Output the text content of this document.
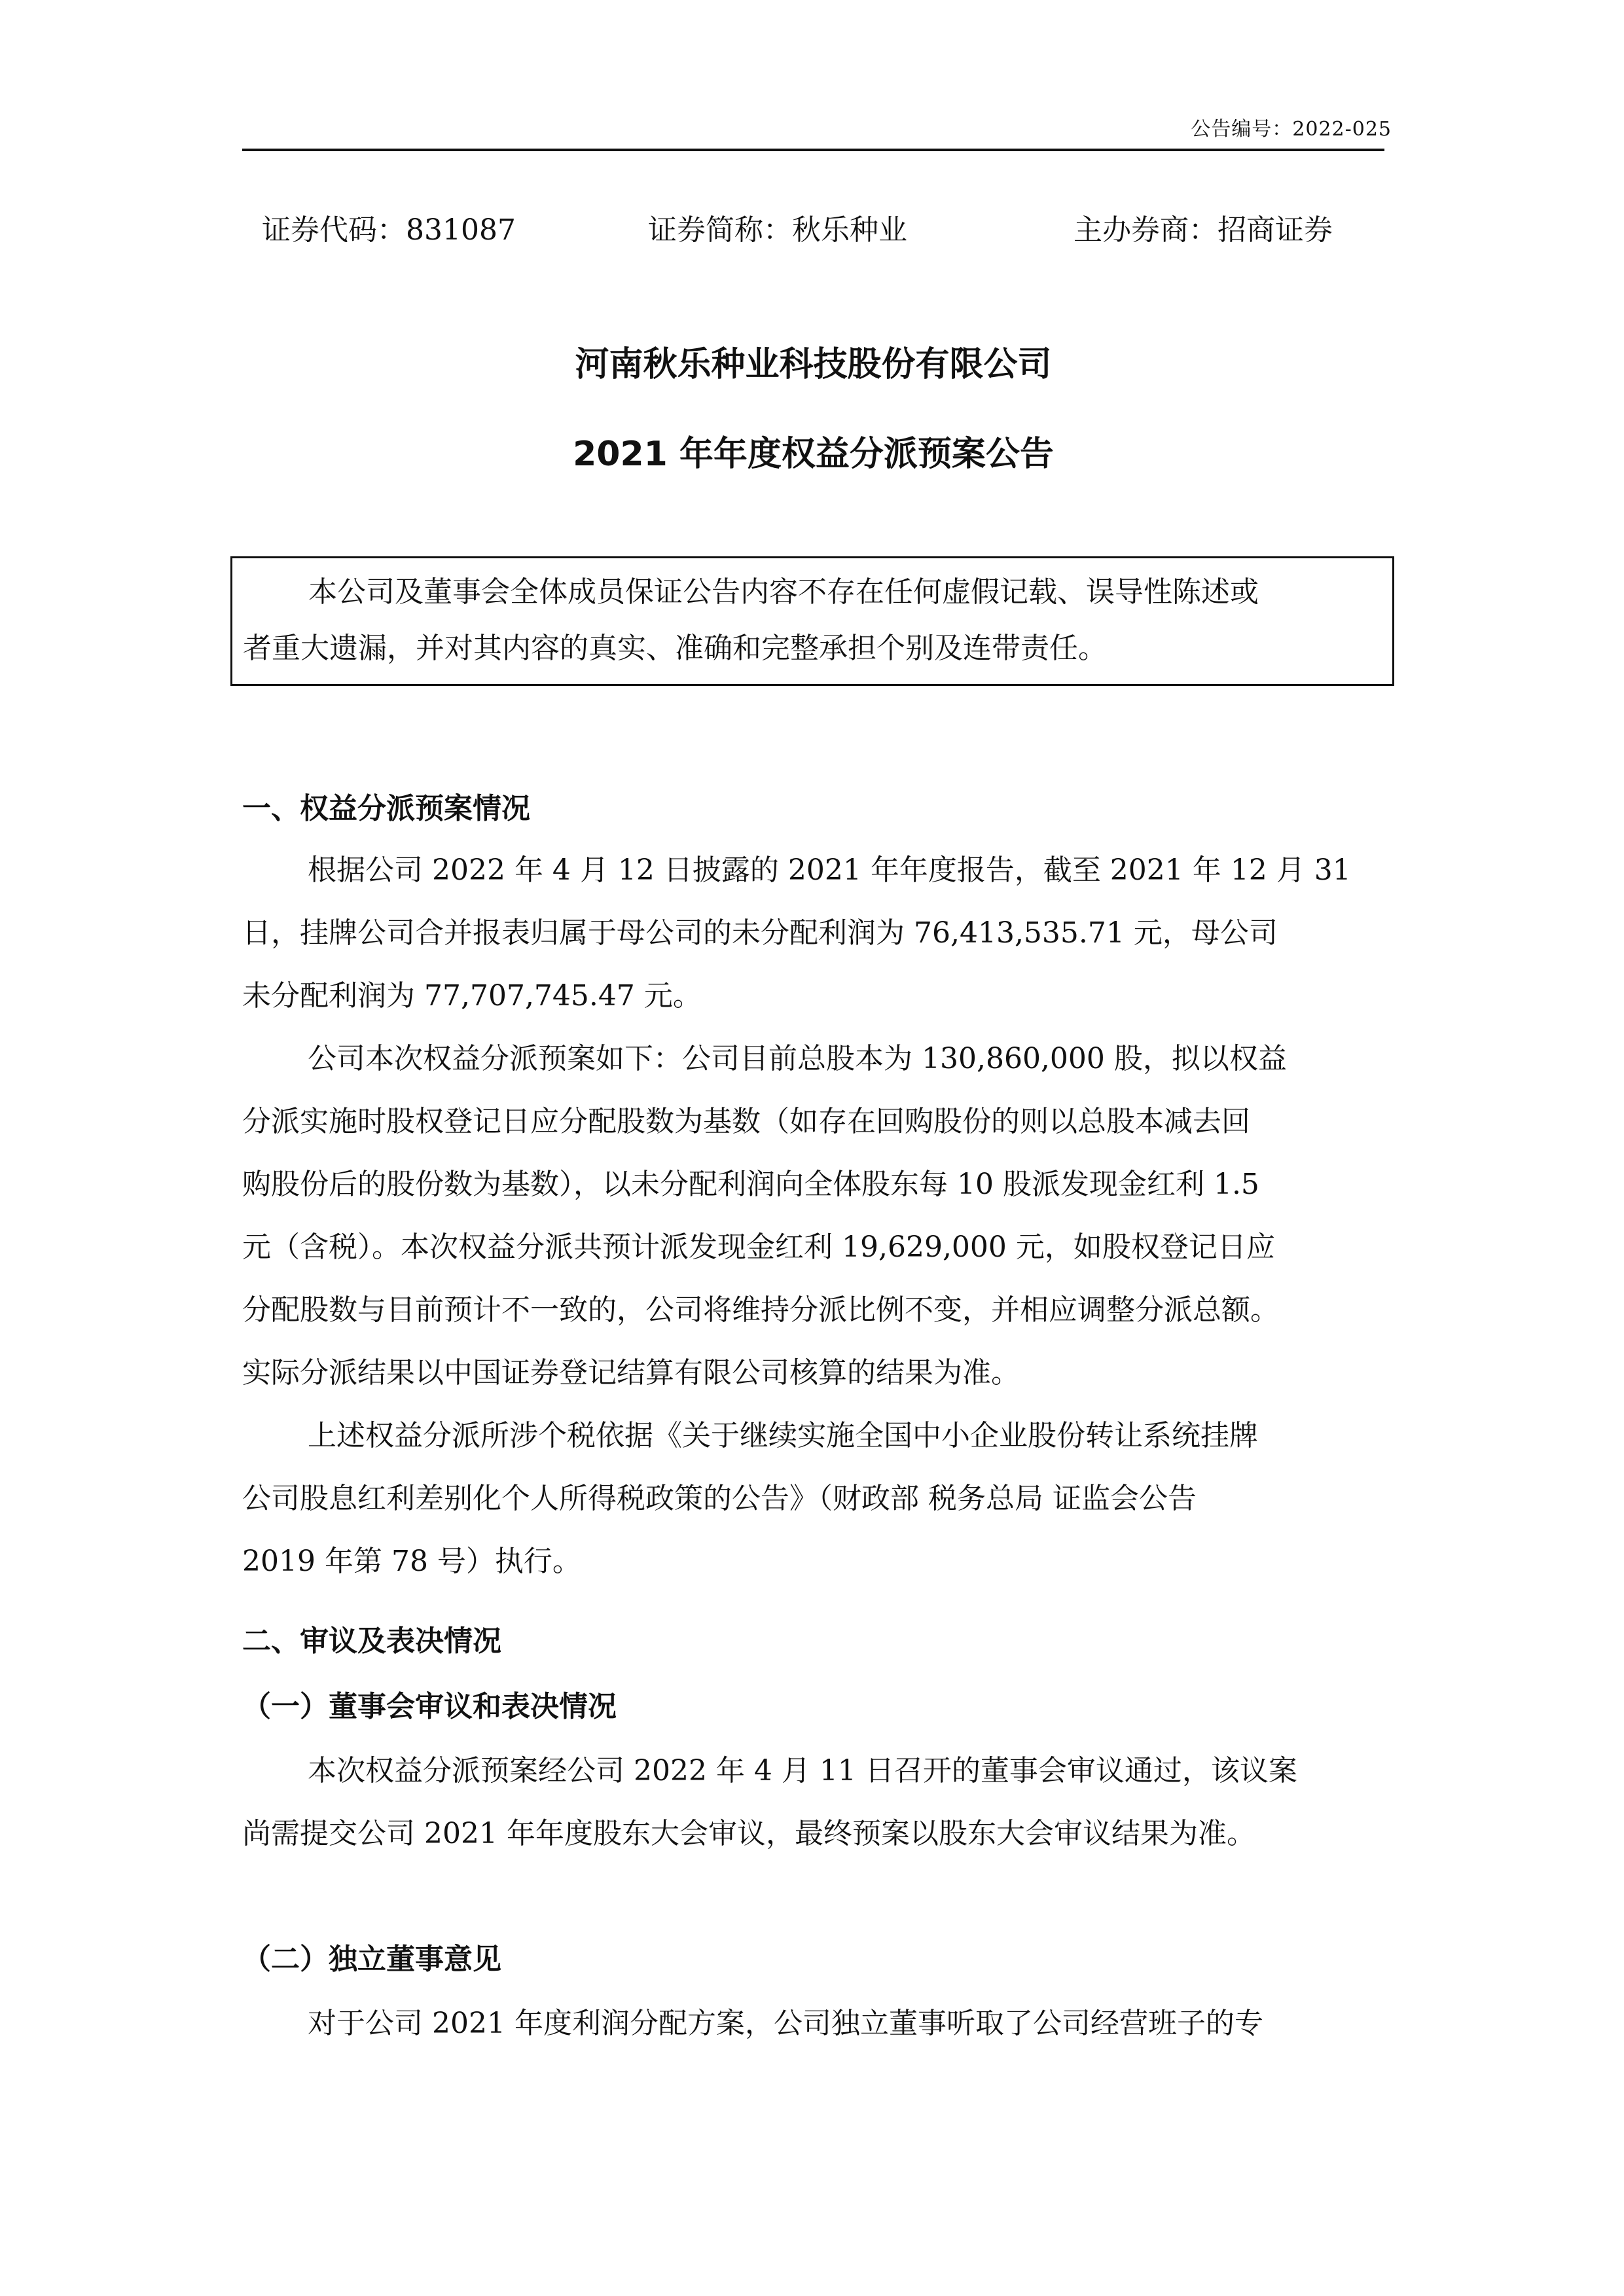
公告编号：2022-025
证券代码：831087	证券简称：秋乐种业	主办券商：招商证券
河南秋乐种业科技股份有限公司
2021 年年度权益分派预案公告
本公司及董事会全体成员保证公告内容不存在任何虚假记载、误导性陈述或
者重大遗漏，并对其内容的真实、准确和完整承担个别及连带责任。
一、权益分派预案情况
根据公司 2022 年 4 月 12 日披露的 2021 年年度报告，截至 2021 年 12 月 31
日，挂牌公司合并报表归属于母公司的未分配利润为 76,413,535.71 元，母公司
未分配利润为 77,707,745.47 元。
公司本次权益分派预案如下：公司目前总股本为 130,860,000 股，拟以权益
分派实施时股权登记日应分配股数为基数（如存在回购股份的则以总股本减去回
购股份后的股份数为基数），以未分配利润向全体股东每 10 股派发现金红利 1.5
元（含税）。本次权益分派共预计派发现金红利 19,629,000 元，如股权登记日应
分配股数与目前预计不一致的，公司将维持分派比例不变，并相应调整分派总额。
实际分派结果以中国证券登记结算有限公司核算的结果为准。
上述权益分派所涉个税依据《关于继续实施全国中小企业股份转让系统挂牌
公司股息红利差别化个人所得税政策的公告》（财政部 税务总局 证监会公告
2019 年第 78 号）执行。
二、审议及表决情况
（一）董事会审议和表决情况
本次权益分派预案经公司 2022 年 4 月 11 日召开的董事会审议通过，该议案
尚需提交公司 2021 年年度股东大会审议，最终预案以股东大会审议结果为准。
（二）独立董事意见
对于公司 2021 年度利润分配方案，公司独立董事听取了公司经营班子的专
